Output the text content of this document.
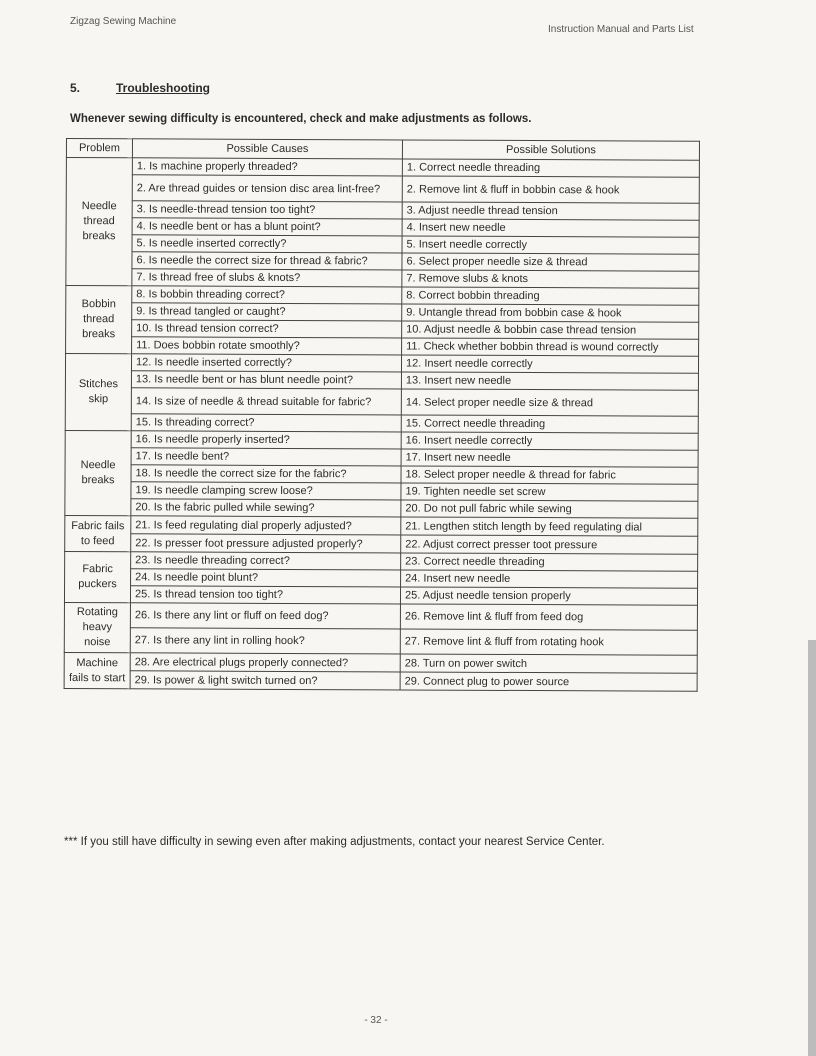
Zigzag Sewing Machine
Instruction Manual and Parts List
5.	Troubleshooting
Whenever sewing difficulty is encountered, check and make adjustments as follows.
Problem	Possible Causes	Possible Solutions
Needle thread breaks	1. Is machine properly threaded?	1. Correct needle threading
	2. Are thread guides or tension disc area lint-free?	2. Remove lint & fluff in bobbin case & hook
	3. Is needle-thread tension too tight?	3. Adjust needle thread tension
	4. Is needle bent or has a blunt point?	4. Insert new needle
	5. Is needle inserted correctly?	5. Insert needle correctly
	6. Is needle the correct size for thread & fabric?	6. Select proper needle size & thread
	7. Is thread free of slubs & knots?	7. Remove slubs & knots
Bobbin thread breaks	8. Is bobbin threading correct?	8. Correct bobbin threading
	9. Is thread tangled or caught?	9. Untangle thread from bobbin case & hook
	10. Is thread tension correct?	10. Adjust needle & bobbin case thread tension
	11. Does bobbin rotate smoothly?	11. Check whether bobbin thread is wound correctly
Stitches skip	12. Is needle inserted correctly?	12. Insert needle correctly
	13. Is needle bent or has blunt needle point?	13. Insert new needle
	14. Is size of needle & thread suitable for fabric?	14. Select proper needle size & thread
	15. Is threading correct?	15. Correct needle threading
Needle breaks	16. Is needle properly inserted?	16. Insert needle correctly
	17. Is needle bent?	17. Insert new needle
	18. Is needle the correct size for the fabric?	18. Select proper needle & thread for fabric
	19. Is needle clamping screw loose?	19. Tighten needle set screw
	20. Is the fabric pulled while sewing?	20. Do not pull fabric while sewing
Fabric fails to feed	21. Is feed regulating dial properly adjusted?	21. Lengthen stitch length by feed regulating dial
	22. Is presser foot pressure adjusted properly?	22. Adjust correct presser toot pressure
Fabric puckers	23. Is needle threading correct?	23. Correct needle threading
	24. Is needle point blunt?	24. Insert new needle
	25. Is thread tension too tight?	25. Adjust needle tension properly
Rotating heavy noise	26. Is there any lint or fluff on feed dog?	26. Remove lint & fluff from feed dog
	27. Is there any lint in rolling hook?	27. Remove lint & fluff from rotating hook
Machine fails to start	28. Are electrical plugs properly connected?	28. Turn on power switch
	29. Is power & light switch turned on?	29. Connect plug to power source
*** If you still have difficulty in sewing even after making adjustments, contact your nearest Service Center.
- 32 -
